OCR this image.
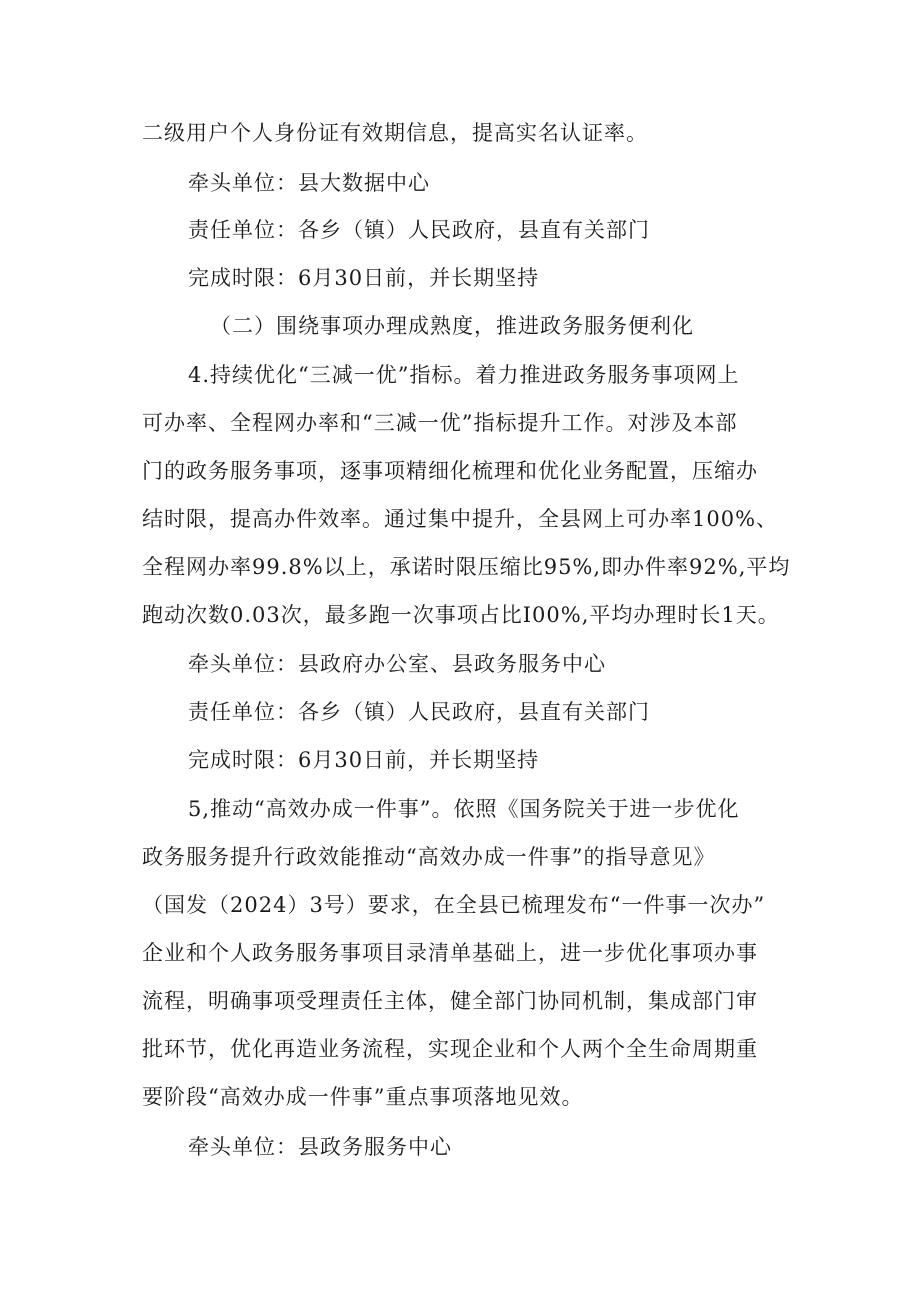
二级用户个人身份证有效期信息，提高实名认证率。
牵头单位：县大数据中心
责任单位：各乡（镇）人民政府，县直有关部门
完成时限：6月30日前，并长期坚持
（二）围绕事项办理成熟度，推进政务服务便利化
4.持续优化“三减一优”指标。着力推进政务服务事项网上
可办率、全程网办率和“三减一优”指标提升工作。对涉及本部
门的政务服务事项，逐事项精细化梳理和优化业务配置，压缩办
结时限，提高办件效率。通过集中提升，全县网上可办率100%、
全程网办率99.8%以上，承诺时限压缩比95%,即办件率92%,平均
跑动次数0.03次，最多跑一次事项占比I00%,平均办理时长1天。
牵头单位：县政府办公室、县政务服务中心
责任单位：各乡（镇）人民政府，县直有关部门
完成时限：6月30日前，并长期坚持
5,推动“高效办成一件事”。依照《国务院关于进一步优化
政务服务提升行政效能推动“高效办成一件事”的指导意见》
（国发（2024）3号）要求，在全县已梳理发布“一件事一次办”
企业和个人政务服务事项目录清单基础上，进一步优化事项办事
流程，明确事项受理责任主体，健全部门协同机制，集成部门审
批环节，优化再造业务流程，实现企业和个人两个全生命周期重
要阶段“高效办成一件事”重点事项落地见效。
牵头单位：县政务服务中心
